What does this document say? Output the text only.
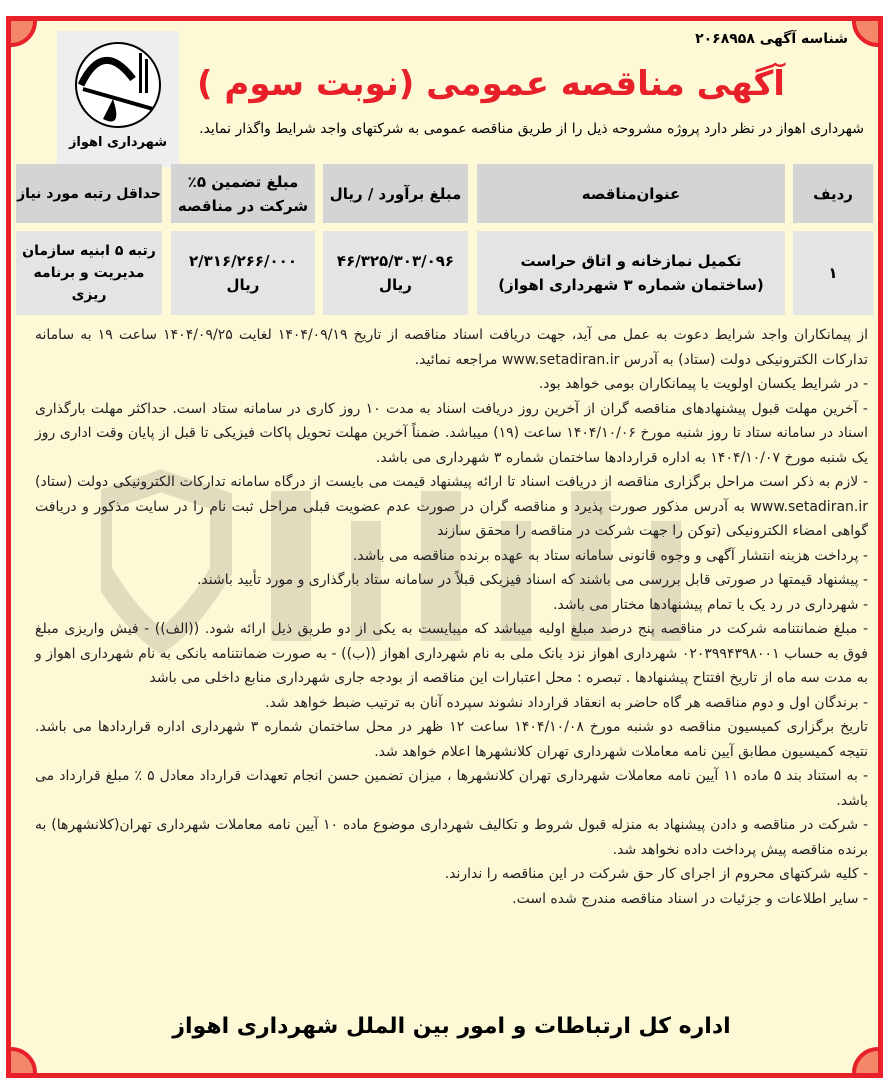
شناسه آگهی ۲۰۶۸۹۵۸
آگهی مناقصه عمومی (نوبت سوم )
شهرداری اهواز
شهرداری اهواز در نظر دارد پروژه مشروحه ذیل را از طریق مناقصه عمومی به شرکتهای واجد شرایط واگذار نماید.
ردیف
عنوان‌مناقصه
مبلغ برآورد / ریال
مبلغ تضمین ۵٪ شرکت در مناقصه
حداقل رتبه مورد نیاز
۱
تکمیل نمازخانه و اتاق حراست (ساختمان شماره ۳ شهرداری اهواز)
۴۶/۳۲۵/۳۰۳/۰۹۶ ریال
۲/۳۱۶/۲۶۶/۰۰۰ ریال
رتبه ۵ ابنیه سازمان مدیریت و برنامه ریزی

از پیمانکاران واجد شرایط دعوت به عمل می آید، جهت دریافت اسناد مناقصه از تاریخ ۱۴۰۴/۰۹/۱۹ لغایت ۱۴۰۴/۰۹/۲۵ ساعت ۱۹ به سامانه تدارکات الکترونیکی دولت (ستاد) به آدرس www.setadiran.ir مراجعه نمائید.

- در شرایط یکسان اولویت با پیمانکاران بومی خواهد بود.

- آخرین مهلت قبول پیشنهادهای مناقصه گران از آخرین روز دریافت اسناد به مدت ۱۰ روز کاری در سامانه ستاد است. حداکثر مهلت بارگذاری اسناد در سامانه ستاد تا روز شنبه مورخ ۱۴۰۴/۱۰/۰۶ ساعت (۱۹) میباشد. ضمناً آخرین مهلت تحویل پاکات فیزیکی تا قبل از پایان وقت اداری روز یک شنبه مورخ ۱۴۰۴/۱۰/۰۷ به اداره قراردادها ساختمان شماره ۳ شهرداری می باشد.

- لازم به ذکر است مراحل برگزاری مناقصه از دریافت اسناد تا ارائه پیشنهاد قیمت می بایست از درگاه سامانه تدارکات الکترونیکی دولت (ستاد) www.setadiran.ir به آدرس مذکور صورت پذیرد و مناقصه گران در صورت عدم عضویت قبلی مراحل ثبت نام را در سایت مذکور و دریافت گواهی امضاء الکترونیکی (توکن را جهت شرکت در مناقصه را محقق سازند

- پرداخت هزینه انتشار آگهی و وجوه قانونی سامانه ستاد به عهده برنده مناقصه می باشد.

- پیشنهاد قیمتها در صورتی قابل بررسی می باشند که اسناد فیزیکی قبلاً در سامانه ستاد بارگذاری و مورد تأیید باشند.

- شهرداری در رد یک یا تمام پیشنهادها مختار می باشد.

- مبلغ ضمانتنامه شرکت در مناقصه پنج درصد مبلغ اولیه میباشد که میبایست به یکی از دو طریق ذیل ارائه شود. ((الف)) - فیش واریزی مبلغ فوق به حساب ۰۲۰۳۹۹۴۳۹۸۰۰۱ شهرداری اهواز نزد بانک ملی به نام شهرداری اهواز ((ب)) - به صورت ضمانتنامه بانکی به نام شهرداری اهواز و به مدت سه ماه از تاریخ افتتاح پیشنهادها . تبصره : محل اعتبارات این مناقصه از بودجه جاری شهرداری منابع داخلی می باشد

- برندگان اول و دوم مناقصه هر گاه حاضر به انعقاد قرارداد نشوند سپرده آنان به ترتیب ضبط خواهد شد.

تاریخ برگزاری کمیسیون مناقصه دو شنبه مورخ ۱۴۰۴/۱۰/۰۸ ساعت ۱۲ ظهر در محل ساختمان شماره ۳ شهرداری اداره قراردادها می باشد. نتیجه کمیسیون مطابق آیین نامه معاملات شهرداری تهران کلانشهرها اعلام خواهد شد.

- به استناد بند ۵ ماده ۱۱ آیین نامه معاملات شهرداری تهران کلانشهرها ، میزان تضمین حسن انجام تعهدات قرارداد معادل ۵ ٪ مبلغ قرارداد می باشد.

- شرکت در مناقصه و دادن پیشنهاد به منزله قبول شروط و تکالیف شهرداری موضوع ماده ۱۰ آیین نامه معاملات شهرداری تهران(کلانشهرها) به برنده مناقصه پیش پرداخت داده نخواهد شد.

- کلیه شرکتهای محروم از اجرای کار حق شرکت در این مناقصه را ندارند.

- سایر اطلاعات و جزئیات در اسناد مناقصه مندرج شده است.

اداره کل ارتباطات و امور بین الملل شهرداری اهواز
